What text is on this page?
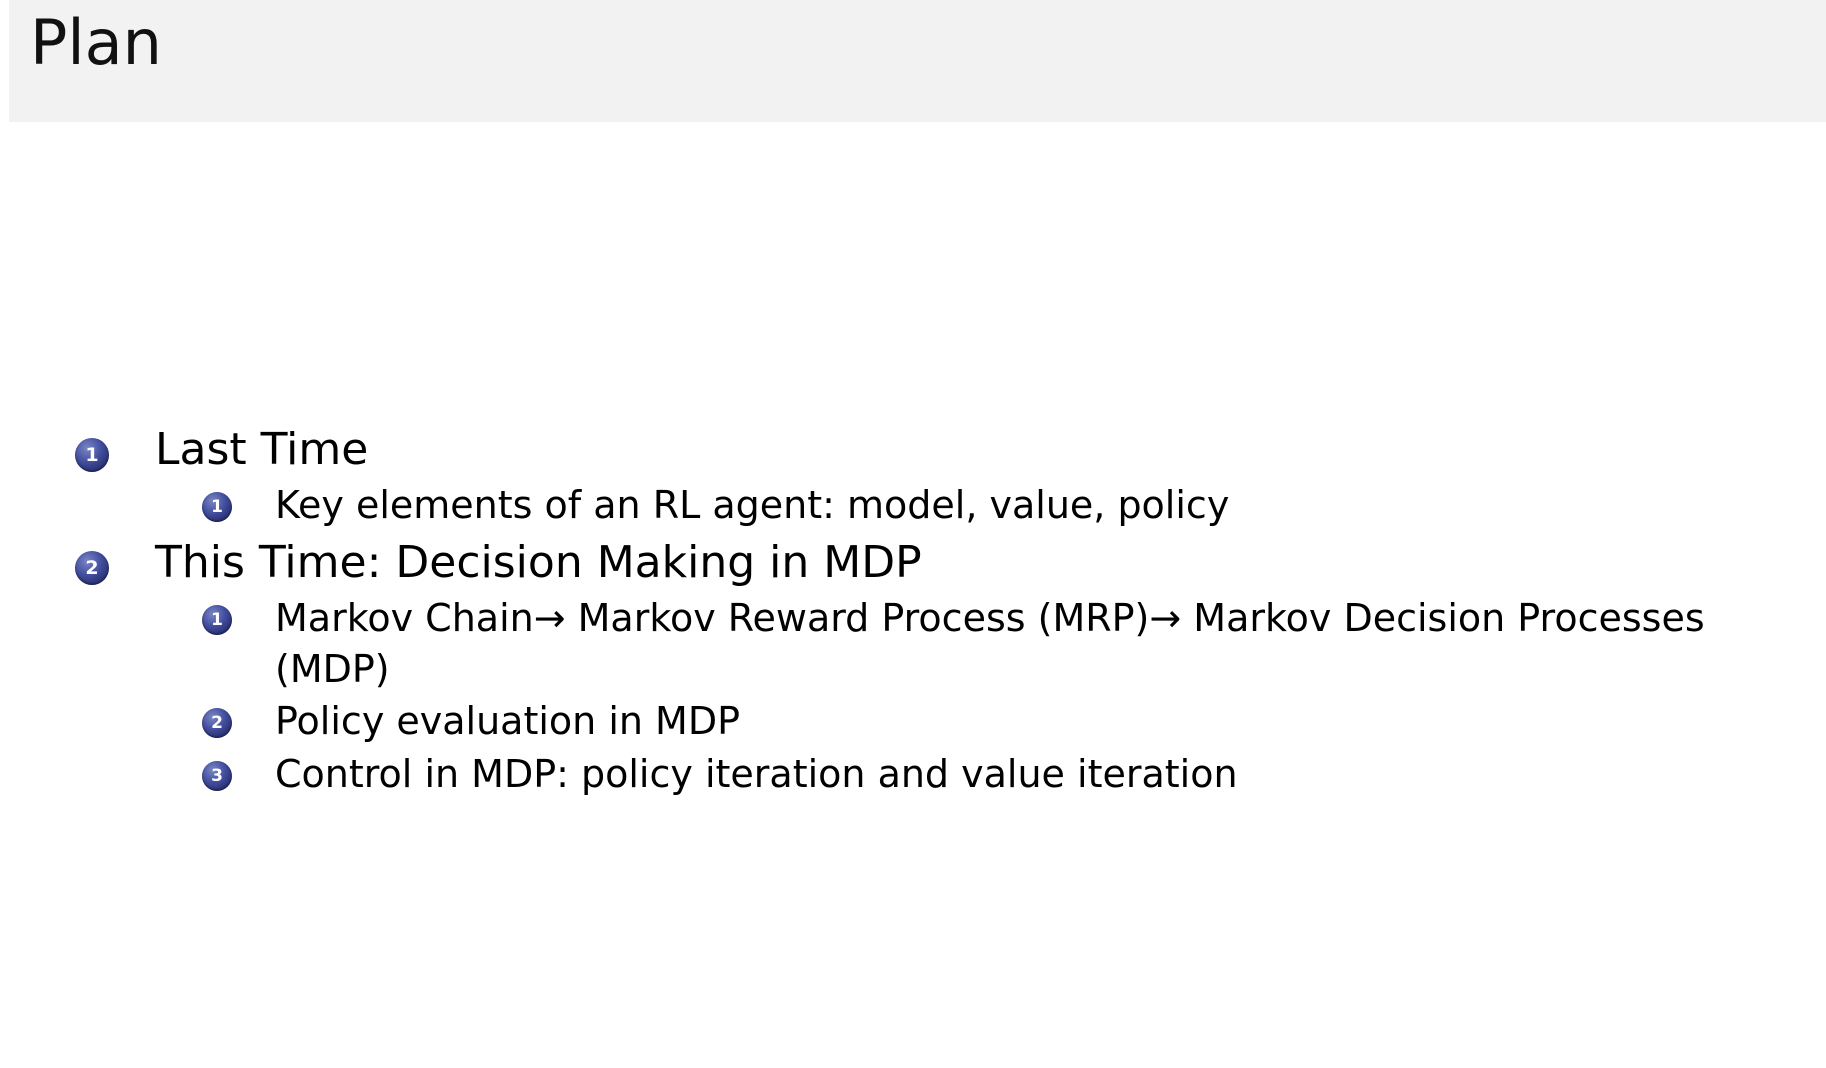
Plan
1 Last Time
1 Key elements of an RL agent: model, value, policy
2 This Time: Decision Making in MDP
1 Markov Chain→ Markov Reward Process (MRP)→ Markov Decision Processes (MDP)
2 Policy evaluation in MDP
3 Control in MDP: policy iteration and value iteration
